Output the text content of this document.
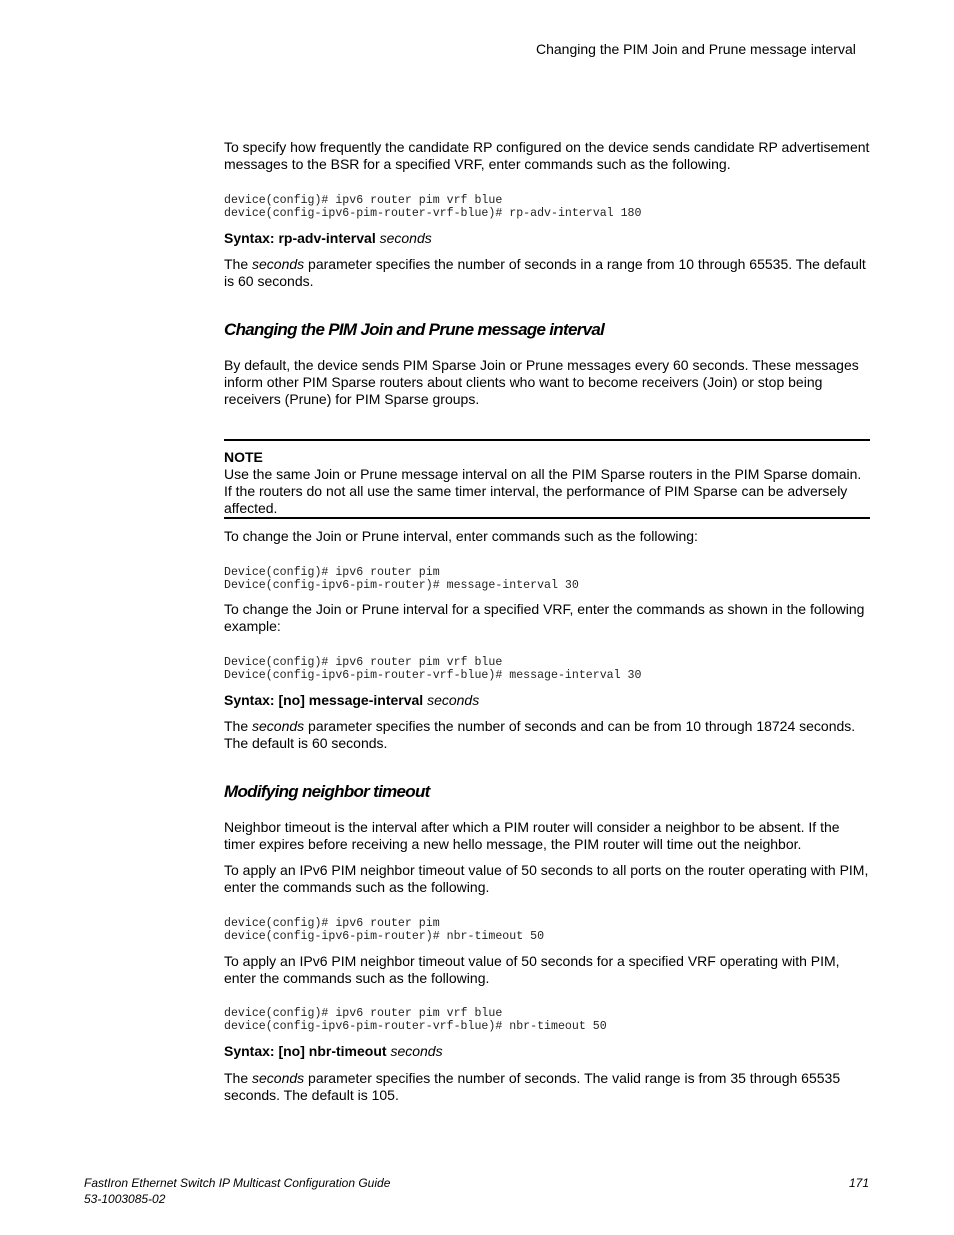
Changing the PIM Join and Prune message interval

To specify how frequently the candidate RP configured on the device sends candidate RP advertisement messages to the BSR for a specified VRF, enter commands such as the following.

device(config)# ipv6 router pim vrf blue
device(config-ipv6-pim-router-vrf-blue)# rp-adv-interval 180
Syntax: rp-adv-interval seconds

The seconds parameter specifies the number of seconds in a range from 10 through 65535. The default is 60 seconds.

Changing the PIM Join and Prune message interval

By default, the device sends PIM Sparse Join or Prune messages every 60 seconds. These messages inform other PIM Sparse routers about clients who want to become receivers (Join) or stop being receivers (Prune) for PIM Sparse groups.

NOTE

Use the same Join or Prune message interval on all the PIM Sparse routers in the PIM Sparse domain. If the routers do not all use the same timer interval, the performance of PIM Sparse can be adversely affected.

To change the Join or Prune interval, enter commands such as the following:

Device(config)# ipv6 router pim
Device(config-ipv6-pim-router)# message-interval 30

To change the Join or Prune interval for a specified VRF, enter the commands as shown in the following example:

Device(config)# ipv6 router pim vrf blue
Device(config-ipv6-pim-router-vrf-blue)# message-interval 30
Syntax: [no] message-interval seconds

The seconds parameter specifies the number of seconds and can be from 10 through 18724 seconds. The default is 60 seconds.

Modifying neighbor timeout

Neighbor timeout is the interval after which a PIM router will consider a neighbor to be absent. If the timer expires before receiving a new hello message, the PIM router will time out the neighbor.

To apply an IPv6 PIM neighbor timeout value of 50 seconds to all ports on the router operating with PIM, enter the commands such as the following.

device(config)# ipv6 router pim
device(config-ipv6-pim-router)# nbr-timeout 50

To apply an IPv6 PIM neighbor timeout value of 50 seconds for a specified VRF operating with PIM, enter the commands such as the following.

device(config)# ipv6 router pim vrf blue
device(config-ipv6-pim-router-vrf-blue)# nbr-timeout 50
Syntax: [no] nbr-timeout seconds

The seconds parameter specifies the number of seconds. The valid range is from 35 through 65535 seconds. The default is 105.

FastIron Ethernet Switch IP Multicast Configuration Guide
53-1003085-02
171
